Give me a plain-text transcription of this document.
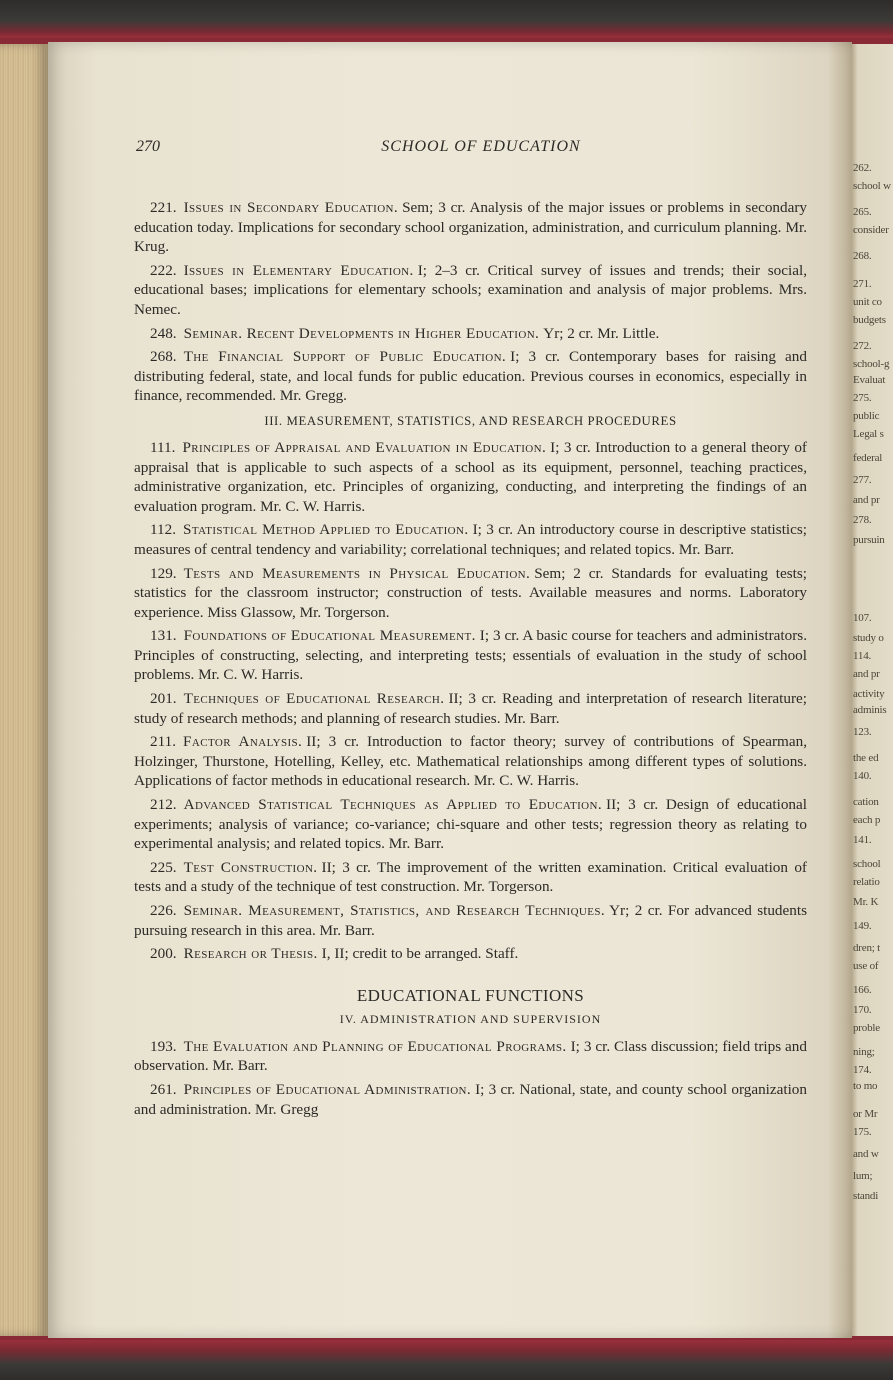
262.
school w
265.
consider
268.
271.
unit co
budgets
272.
school-g
Evaluat
275.
public
Legal s
federal
277.
and pr
278.
pursuin
107.
study o
114.
and pr
activity
adminis
123.
the ed
140.
cation
each p
141.
school
relatio
Mr. K
149.
dren; t
use of
166.
170.
proble
ning;
174.
to mo
or Mr
175.
and w
lum;
standi
270	SCHOOL OF EDUCATION

221. Issues in Secondary Education. Sem; 3 cr. Analysis of the major issues or problems in secondary education today. Implications for secondary school organization, administration, and curriculum planning. Mr. Krug.

222. Issues in Elementary Education. I; 2–3 cr. Critical survey of issues and trends; their social, educational bases; implications for elementary schools; examination and analysis of major problems. Mrs. Nemec.

248. Seminar. Recent Developments in Higher Education. Yr; 2 cr. Mr. Little.

268. The Financial Support of Public Education. I; 3 cr. Contemporary bases for raising and distributing federal, state, and local funds for public education. Previous courses in economics, especially in finance, recommended. Mr. Gregg.

III. MEASUREMENT, STATISTICS, AND RESEARCH PROCEDURES

111. Principles of Appraisal and Evaluation in Education. I; 3 cr. Introduction to a general theory of appraisal that is applicable to such aspects of a school as its equipment, personnel, teaching practices, administrative organization, etc. Principles of organizing, conducting, and interpreting the findings of an evaluation program. Mr. C. W. Harris.

112. Statistical Method Applied to Education. I; 3 cr. An introductory course in descriptive statistics; measures of central tendency and variability; correlational techniques; and related topics. Mr. Barr.

129. Tests and Measurements in Physical Education. Sem; 2 cr. Standards for evaluating tests; statistics for the classroom instructor; construction of tests. Available measures and norms. Laboratory experience. Miss Glassow, Mr. Torgerson.

131. Foundations of Educational Measurement. I; 3 cr. A basic course for teachers and administrators. Principles of constructing, selecting, and interpreting tests; essentials of evaluation in the study of school problems. Mr. C. W. Harris.

201. Techniques of Educational Research. II; 3 cr. Reading and interpretation of research literature; study of research methods; and planning of research studies. Mr. Barr.

211. Factor Analysis. II; 3 cr. Introduction to factor theory; survey of contributions of Spearman, Holzinger, Thurstone, Hotelling, Kelley, etc. Mathematical relationships among different types of solutions. Applications of factor methods in educational research. Mr. C. W. Harris.

212. Advanced Statistical Techniques as Applied to Education. II; 3 cr. Design of educational experiments; analysis of variance; co-variance; chi-square and other tests; regression theory as relating to experimental analysis; and related topics. Mr. Barr.

225. Test Construction. II; 3 cr. The improvement of the written examination. Critical evaluation of tests and a study of the technique of test construction. Mr. Torgerson.

226. Seminar. Measurement, Statistics, and Research Techniques. Yr; 2 cr. For advanced students pursuing research in this area. Mr. Barr.

200. Research or Thesis. I, II; credit to be arranged. Staff.

EDUCATIONAL FUNCTIONS
IV. ADMINISTRATION AND SUPERVISION

193. The Evaluation and Planning of Educational Programs. I; 3 cr. Class discussion; field trips and observation. Mr. Barr.

261. Principles of Educational Administration. I; 3 cr. National, state, and county school organization and administration. Mr. Gregg
